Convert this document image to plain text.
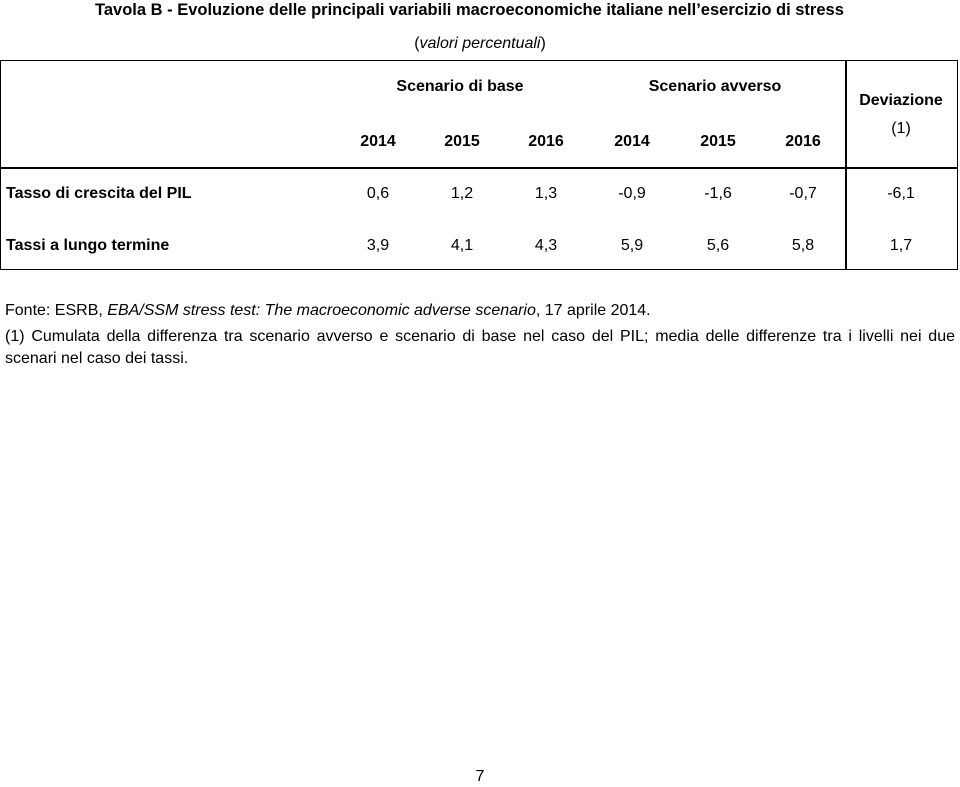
Tavola B - Evoluzione delle principali variabili macroeconomiche italiane nell’esercizio di stress
(valori percentuali)
Scenario di base	Scenario avverso
Deviazione
(1)
2014	2015	2016	2014	2015	2016
Tasso di crescita del PIL	0,6	1,2	1,3	-0,9	-1,6	-0,7	-6,1
Tassi a lungo termine	3,9	4,1	4,3	5,9	5,6	5,8	1,7
Fonte: ESRB, EBA/SSM stress test: The macroeconomic adverse scenario, 17 aprile 2014.
(1) Cumulata della differenza tra scenario avverso e scenario di base nel caso del PIL; media delle differenze tra i livelli nei due scenari nel caso dei tassi.
7
